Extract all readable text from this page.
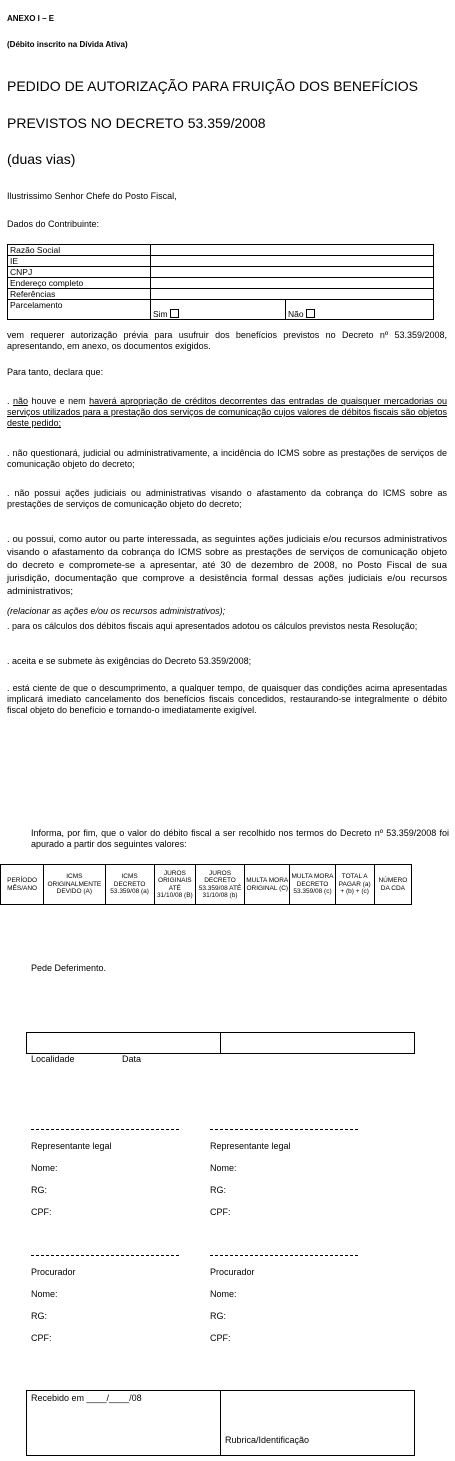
ANEXO I – E
(Débito inscrito na Dívida Ativa)
PEDIDO DE AUTORIZAÇÃO PARA FRUIÇÃO DOS BENEFÍCIOS
PREVISTOS NO DECRETO 53.359/2008
(duas vias)
Ilustrissimo Senhor Chefe do Posto Fiscal,
Dados do Contribuinte:
Razão Social		
IE		
CNPJ		
Endereço completo		
Referências		
Parcelamento	Sim	Não
vem requerer autorização prévia para usufruir dos benefícios previstos no Decreto nº 53.359/2008, apresentando, em anexo, os documentos exigidos.
Para tanto, declara que:
. não houve e nem haverá apropriação de créditos decorrentes das entradas de quaisquer mercadorias ou serviços utilizados para a prestação dos serviços de comunicação cujos valores de débitos fiscais são objetos deste pedido;
. não questionará, judicial ou administrativamente, a incidência do ICMS sobre as prestações de serviços de comunicação objeto do decreto;
. não possui ações judiciais ou administrativas visando o afastamento da cobrança do ICMS sobre as prestações de serviços de comunicação objeto do decreto;
. ou possui, como autor ou parte interessada, as seguintes ações judiciais e/ou recursos administrativos visando o afastamento da cobrança do ICMS sobre as prestações de serviços de comunicação objeto do decreto e compromete-se a apresentar, até 30 de dezembro de 2008, no Posto Fiscal de sua jurisdição, documentação que comprove a desistência formal dessas ações judiciais e/ou recursos administrativos;
(relacionar as ações e/ou os recursos administrativos);
. para os cálculos dos débitos fiscais aqui apresentados adotou os cálculos previstos nesta Resolução;
. aceita e se submete às exigências do Decreto 53.359/2008;
. está ciente de que o descumprimento, a qualquer tempo, de quaisquer das condições acima apresentadas implicará imediato cancelamento dos benefícios fiscais concedidos, restaurando-se integralmente o débito fiscal objeto do benefício e tornando-o imediatamente exigível.
Informa, por fim, que o valor do débito fiscal a ser recolhido nos termos do Decreto nº 53.359/2008 foi apurado a partir dos seguintes valores:
PERÍODO MÊS/ANO	ICMS ORIGINALMENTE DEVIDO (A)	ICMS DECRETO 53.359/08 (a)	JUROS ORIGINAIS ATÉ 31/10/08 (B)	JUROS DECRETO 53.359/08 ATÉ 31/10/08 (b)	MULTA MORA ORIGINAL (C)	MULTA MORA DECRETO 53.359/08 (c)	TOTAL A PAGAR (a) + (b) + (c)	NÚMERO DA CDA
Pede Deferimento.
Localidade	Data
Representante legal
Nome:
RG:
CPF:
Representante legal
Nome:
RG:
CPF:
Procurador
Nome:
RG:
CPF:
Procurador
Nome:
RG:
CPF:
Recebido em ____/____/08
Rubrica/Identificação
